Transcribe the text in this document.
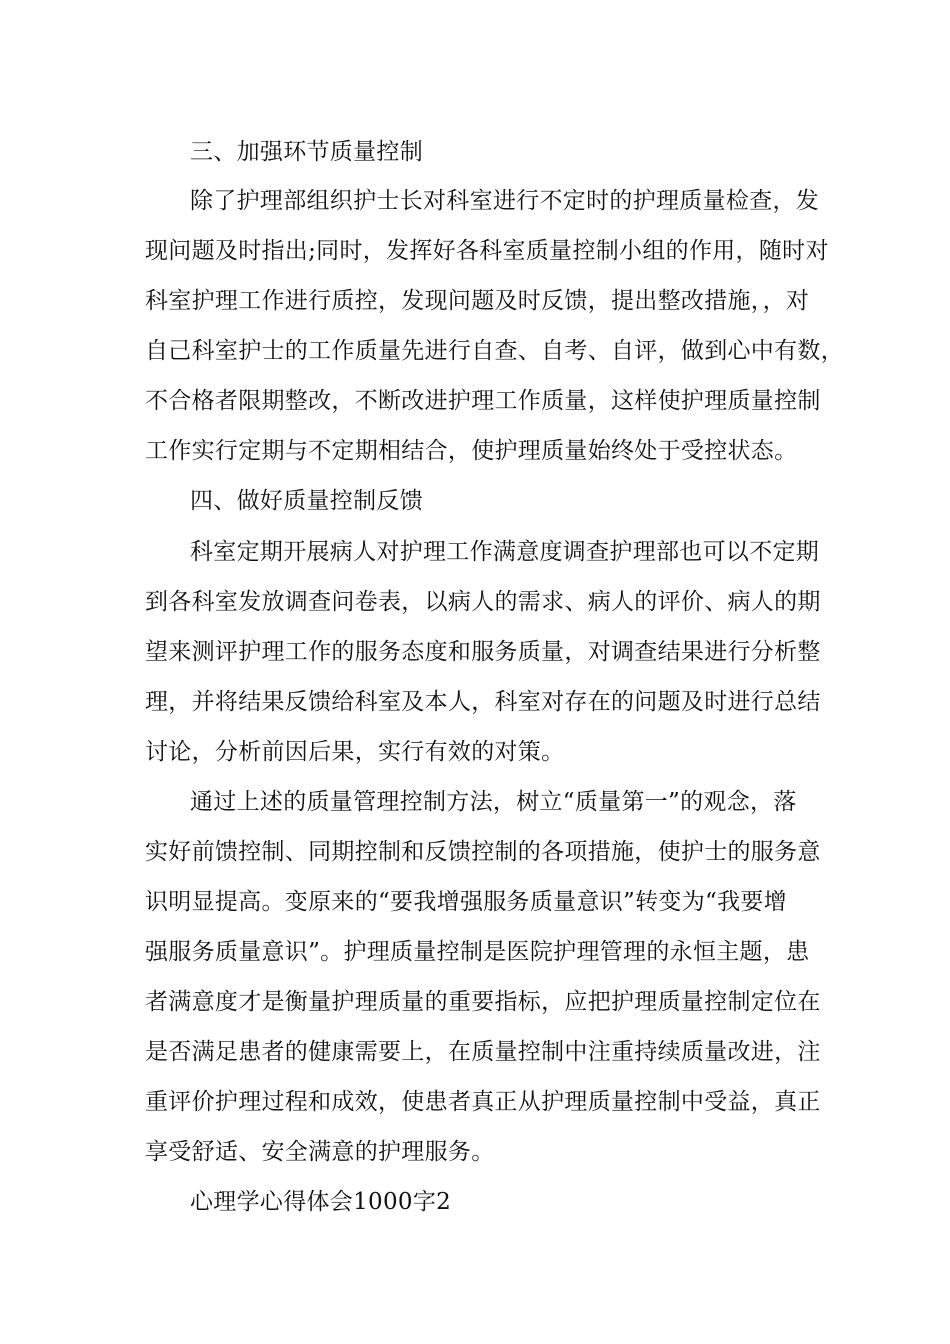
三、加强环节质量控制
除了护理部组织护士长对科室进行不定时的护理质量检查，发
现问题及时指出;同时，发挥好各科室质量控制小组的作用，随时对
科室护理工作进行质控，发现问题及时反馈，提出整改措施，，对
自己科室护士的工作质量先进行自查、自考、自评，做到心中有数，
不合格者限期整改，不断改进护理工作质量，这样使护理质量控制
工作实行定期与不定期相结合，使护理质量始终处于受控状态。
四、做好质量控制反馈
科室定期开展病人对护理工作满意度调查护理部也可以不定期
到各科室发放调查问卷表，以病人的需求、病人的评价、病人的期
望来测评护理工作的服务态度和服务质量，对调查结果进行分析整
理，并将结果反馈给科室及本人，科室对存在的问题及时进行总结
讨论，分析前因后果，实行有效的对策。
通过上述的质量管理控制方法，树立“质量第一”的观念，落
实好前馈控制、同期控制和反馈控制的各项措施，使护士的服务意
识明显提高。变原来的“要我增强服务质量意识”转变为“我要增
强服务质量意识”。护理质量控制是医院护理管理的永恒主题，患
者满意度才是衡量护理质量的重要指标，应把护理质量控制定位在
是否满足患者的健康需要上，在质量控制中注重持续质量改进，注
重评价护理过程和成效，使患者真正从护理质量控制中受益，真正
享受舒适、安全满意的护理服务。
心理学心得体会1000字2
